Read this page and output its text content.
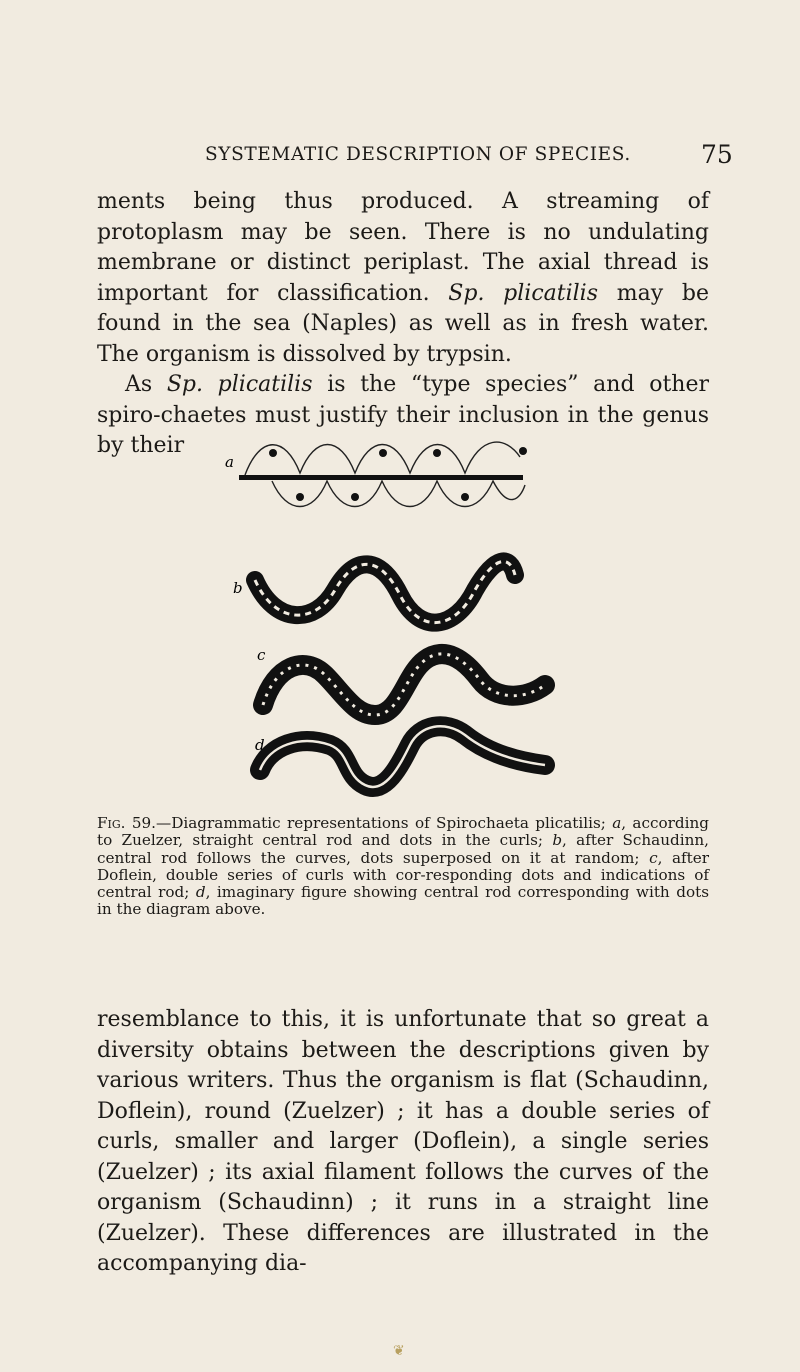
SYSTEMATIC DESCRIPTION OF SPECIES.	75

ments being thus produced. A streaming of protoplasm may be seen. There is no undulating membrane or distinct periplast. The axial thread is important for classification. Sp. plicatilis may be found in the sea (Naples) as well as in fresh water. The organism is dissolved by trypsin.

As Sp. plicatilis is the “type species” and other spiro-chaetes must justify their inclusion in the genus by their

a
b
c
d

Fig. 59.—Diagrammatic representations of Spirochaeta plicatilis; a, according to Zuelzer, straight central rod and dots in the curls; b, after Schaudinn, central rod follows the curves, dots superposed on it at random; c, after Doflein, double series of curls with cor-responding dots and indications of central rod; d, imaginary figure showing central rod corresponding with dots in the diagram above.

resemblance to this, it is unfortunate that so great a diversity obtains between the descriptions given by various writers. Thus the organism is flat (Schaudinn, Doflein), round (Zuelzer) ; it has a double series of curls, smaller and larger (Doflein), a single series (Zuelzer) ; its axial filament follows the curves of the organism (Schaudinn) ; it runs in a straight line (Zuelzer). These differences are illustrated in the accompanying dia-

❦
